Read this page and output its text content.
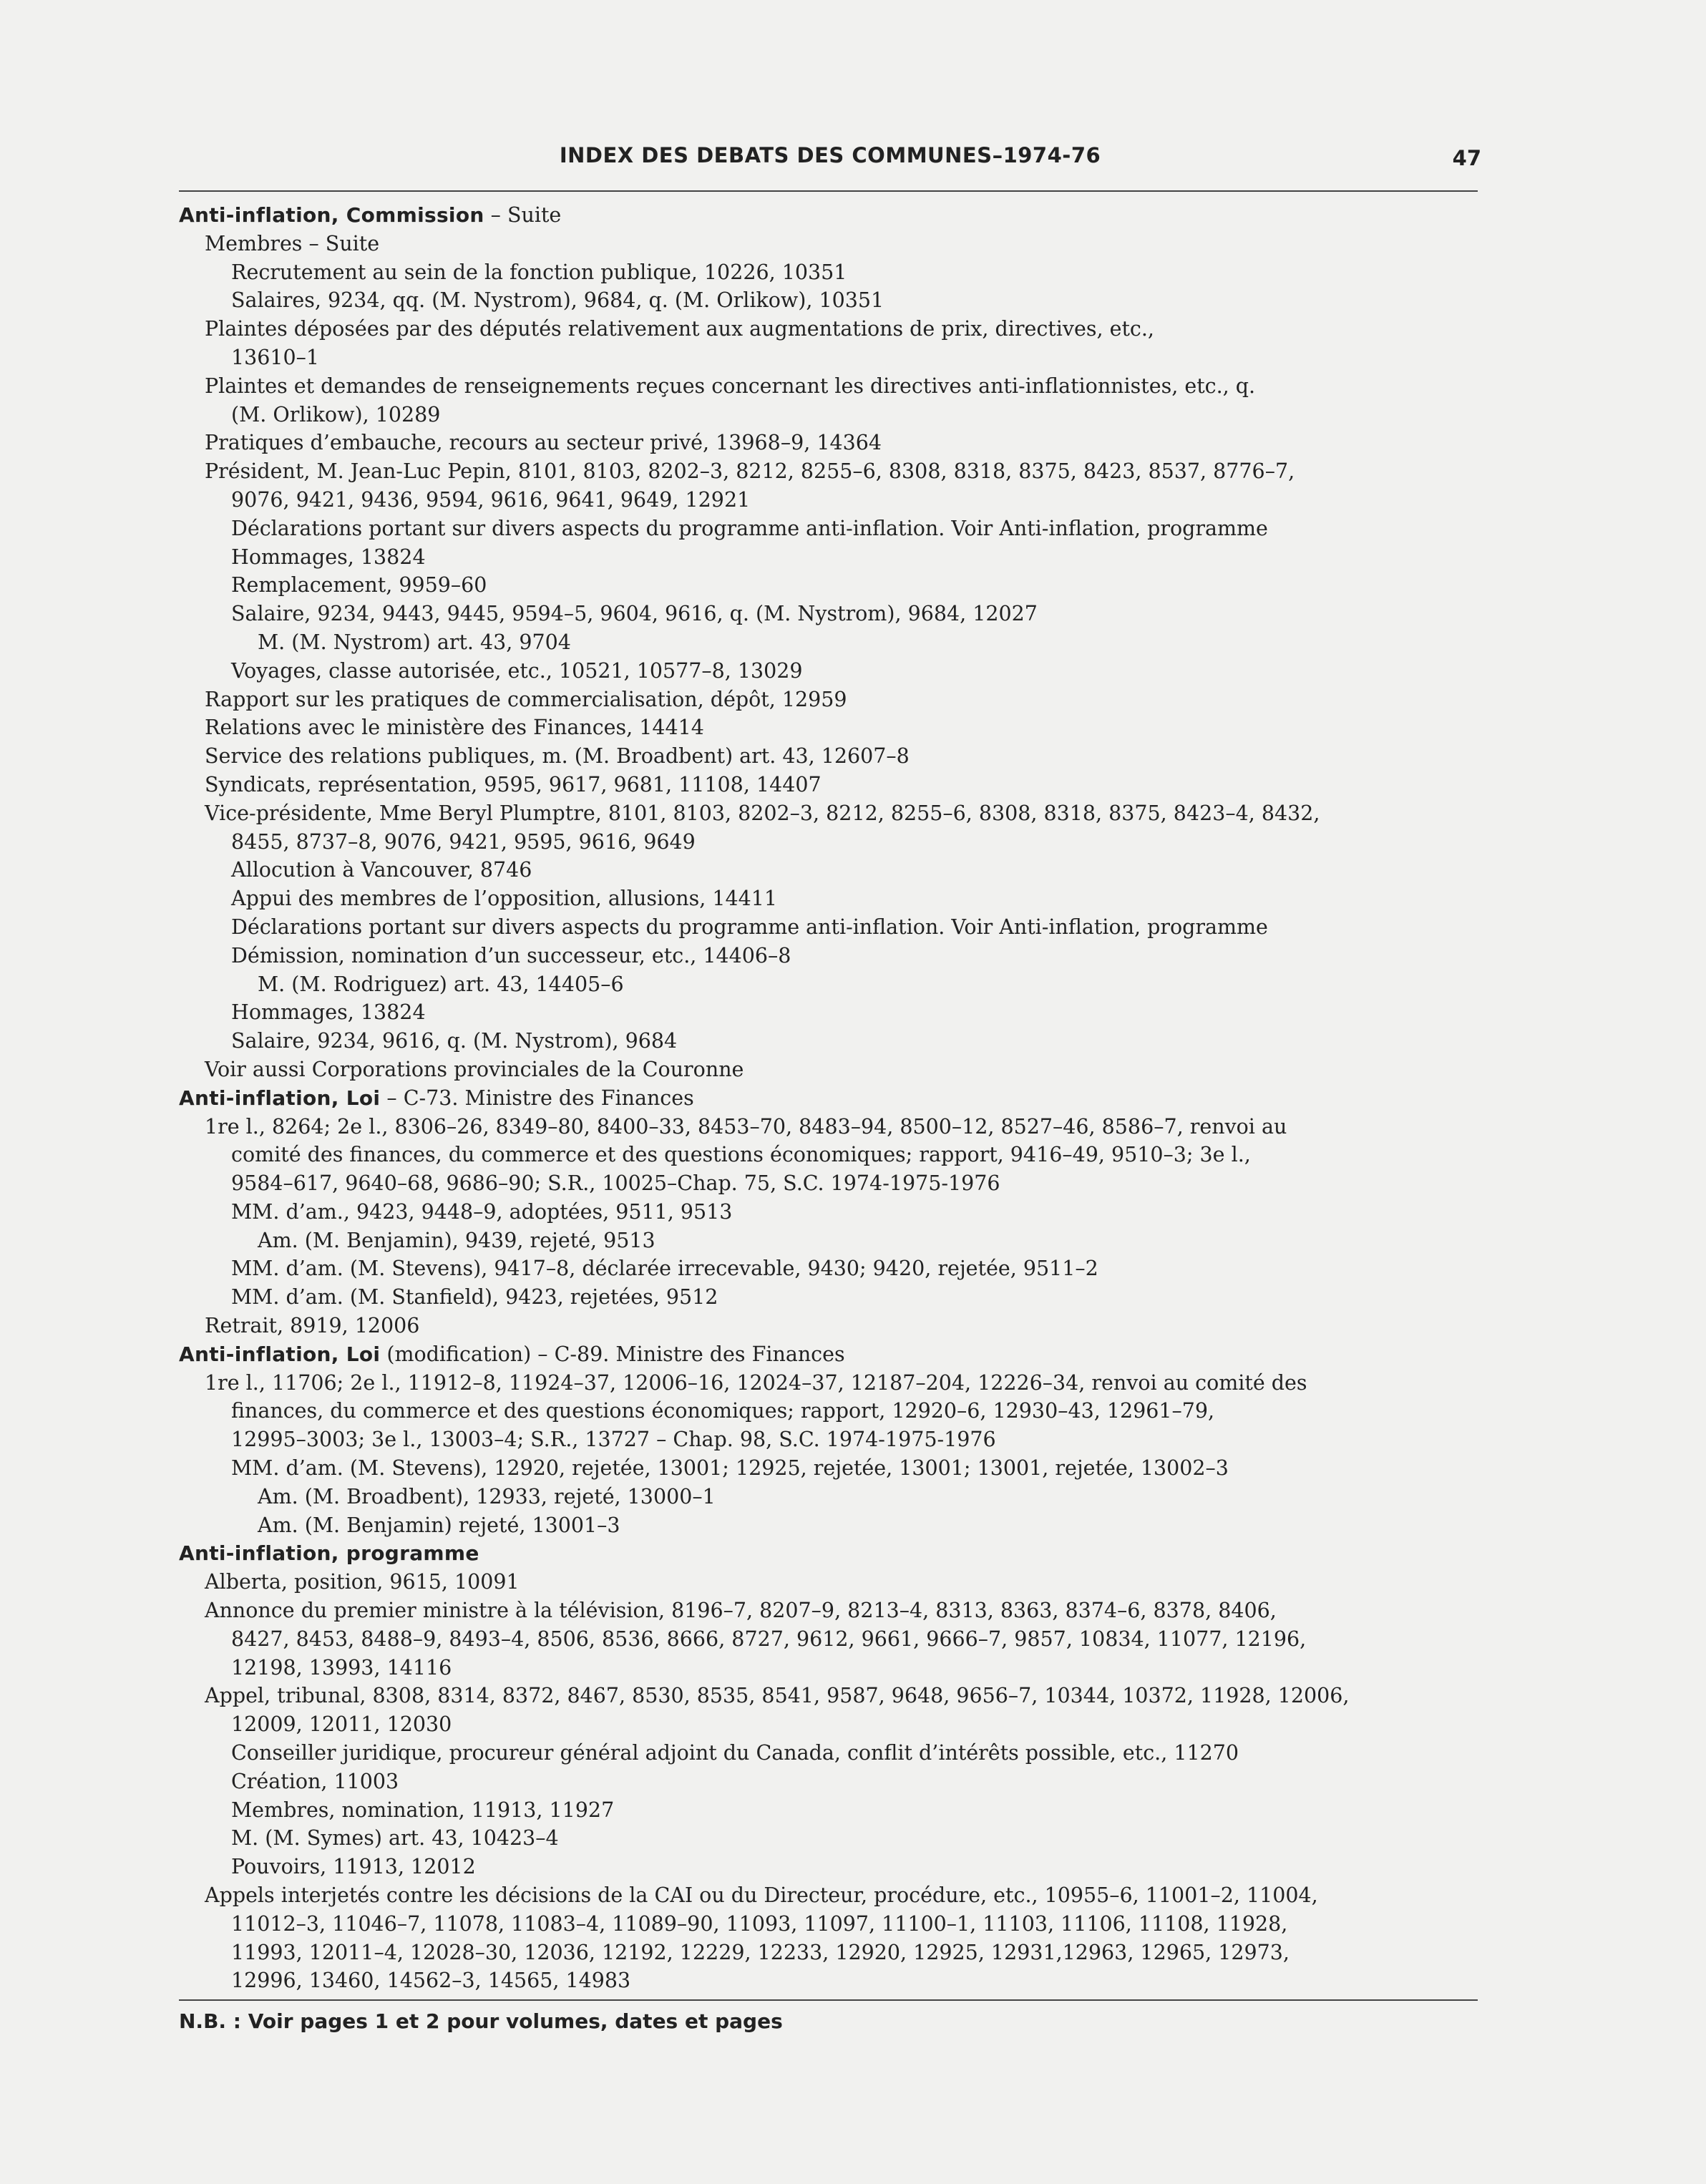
INDEX DES DEBATS DES COMMUNES–1974-76	47
Anti-inflation, Commission – Suite
Membres – Suite
Recrutement au sein de la fonction publique, 10226, 10351
Salaires, 9234, qq. (M. Nystrom), 9684, q. (M. Orlikow), 10351
Plaintes déposées par des députés relativement aux augmentations de prix, directives, etc.,
13610–1
Plaintes et demandes de renseignements reçues concernant les directives anti-inflationnistes, etc., q.
(M. Orlikow), 10289
Pratiques d’embauche, recours au secteur privé, 13968–9, 14364
Président, M. Jean-Luc Pepin, 8101, 8103, 8202–3, 8212, 8255–6, 8308, 8318, 8375, 8423, 8537, 8776–7,
9076, 9421, 9436, 9594, 9616, 9641, 9649, 12921
Déclarations portant sur divers aspects du programme anti-inflation. Voir Anti-inflation, programme
Hommages, 13824
Remplacement, 9959–60
Salaire, 9234, 9443, 9445, 9594–5, 9604, 9616, q. (M. Nystrom), 9684, 12027
M. (M. Nystrom) art. 43, 9704
Voyages, classe autorisée, etc., 10521, 10577–8, 13029
Rapport sur les pratiques de commercialisation, dépôt, 12959
Relations avec le ministère des Finances, 14414
Service des relations publiques, m. (M. Broadbent) art. 43, 12607–8
Syndicats, représentation, 9595, 9617, 9681, 11108, 14407
Vice-présidente, Mme Beryl Plumptre, 8101, 8103, 8202–3, 8212, 8255–6, 8308, 8318, 8375, 8423–4, 8432,
8455, 8737–8, 9076, 9421, 9595, 9616, 9649
Allocution à Vancouver, 8746
Appui des membres de l’opposition, allusions, 14411
Déclarations portant sur divers aspects du programme anti-inflation. Voir Anti-inflation, programme
Démission, nomination d’un successeur, etc., 14406–8
M. (M. Rodriguez) art. 43, 14405–6
Hommages, 13824
Salaire, 9234, 9616, q. (M. Nystrom), 9684
Voir aussi Corporations provinciales de la Couronne
Anti-inflation, Loi – C-73. Ministre des Finances
1re l., 8264; 2e l., 8306–26, 8349–80, 8400–33, 8453–70, 8483–94, 8500–12, 8527–46, 8586–7, renvoi au
comité des finances, du commerce et des questions économiques; rapport, 9416–49, 9510–3; 3e l.,
9584–617, 9640–68, 9686–90; S.R., 10025–Chap. 75, S.C. 1974-1975-1976
MM. d’am., 9423, 9448–9, adoptées, 9511, 9513
Am. (M. Benjamin), 9439, rejeté, 9513
MM. d’am. (M. Stevens), 9417–8, déclarée irrecevable, 9430; 9420, rejetée, 9511–2
MM. d’am. (M. Stanfield), 9423, rejetées, 9512
Retrait, 8919, 12006
Anti-inflation, Loi (modification) – C-89. Ministre des Finances
1re l., 11706; 2e l., 11912–8, 11924–37, 12006–16, 12024–37, 12187–204, 12226–34, renvoi au comité des
finances, du commerce et des questions économiques; rapport, 12920–6, 12930–43, 12961–79,
12995–3003; 3e l., 13003–4; S.R., 13727 – Chap. 98, S.C. 1974-1975-1976
MM. d’am. (M. Stevens), 12920, rejetée, 13001; 12925, rejetée, 13001; 13001, rejetée, 13002–3
Am. (M. Broadbent), 12933, rejeté, 13000–1
Am. (M. Benjamin) rejeté, 13001–3
Anti-inflation, programme
Alberta, position, 9615, 10091
Annonce du premier ministre à la télévision, 8196–7, 8207–9, 8213–4, 8313, 8363, 8374–6, 8378, 8406,
8427, 8453, 8488–9, 8493–4, 8506, 8536, 8666, 8727, 9612, 9661, 9666–7, 9857, 10834, 11077, 12196,
12198, 13993, 14116
Appel, tribunal, 8308, 8314, 8372, 8467, 8530, 8535, 8541, 9587, 9648, 9656–7, 10344, 10372, 11928, 12006,
12009, 12011, 12030
Conseiller juridique, procureur général adjoint du Canada, conflit d’intérêts possible, etc., 11270
Création, 11003
Membres, nomination, 11913, 11927
M. (M. Symes) art. 43, 10423–4
Pouvoirs, 11913, 12012
Appels interjetés contre les décisions de la CAI ou du Directeur, procédure, etc., 10955–6, 11001–2, 11004,
11012–3, 11046–7, 11078, 11083–4, 11089–90, 11093, 11097, 11100–1, 11103, 11106, 11108, 11928,
11993, 12011–4, 12028–30, 12036, 12192, 12229, 12233, 12920, 12925, 12931,12963, 12965, 12973,
12996, 13460, 14562–3, 14565, 14983
N.B. : Voir pages 1 et 2 pour volumes, dates et pages
